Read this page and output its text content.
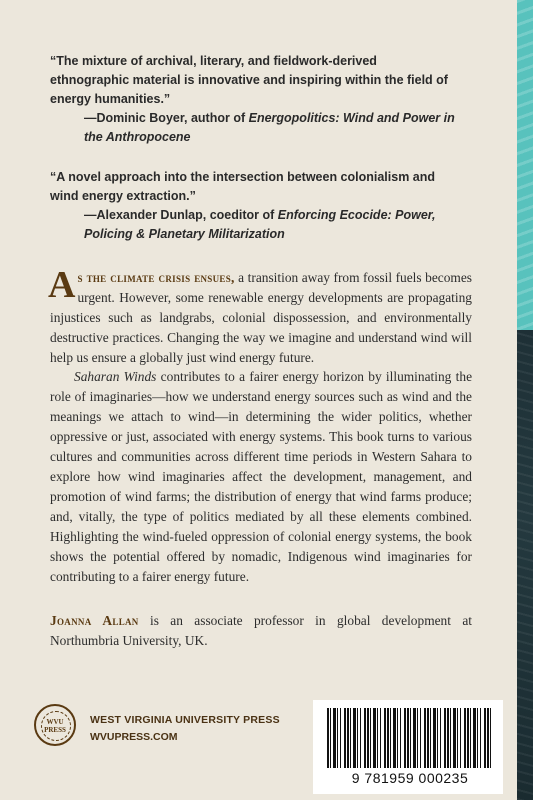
“The mixture of archival, literary, and fieldwork-derived ethnographic material is innovative and inspiring within the field of energy humanities.”

—Dominic Boyer, author of Energopolitics: Wind and Power in the Anthropocene

“A novel approach into the intersection between colonialism and wind energy extraction.”

—Alexander Dunlap, coeditor of Enforcing Ecocide: Power, Policing & Planetary Militarization

As the climate crisis ensues, a transition away from fossil fuels becomes urgent. However, some renewable energy developments are propagating injustices such as landgrabs, colonial dispossession, and environmentally destructive practices. Changing the way we imagine and understand wind will help us ensure a globally just wind energy future.

Saharan Winds contributes to a fairer energy horizon by illuminating the role of imaginaries—how we understand energy sources such as wind and the meanings we attach to wind—in determining the wider politics, whether oppressive or just, associated with energy systems. This book turns to various cultures and communities across different time periods in Western Sahara to explore how wind imaginaries affect the development, management, and promotion of wind farms; the distribution of energy that wind farms produce; and, vitally, the type of politics mediated by all these elements combined. Highlighting the wind-fueled oppression of colonial energy systems, the book shows the potential offered by nomadic, Indigenous wind imaginaries for contributing to a fairer energy future.

Joanna Allan is an associate professor in global development at Northumbria University, UK.

WVU PRESS
WEST VIRGINIA UNIVERSITY PRESS
WVUPRESS.COM
9 781959 000235
